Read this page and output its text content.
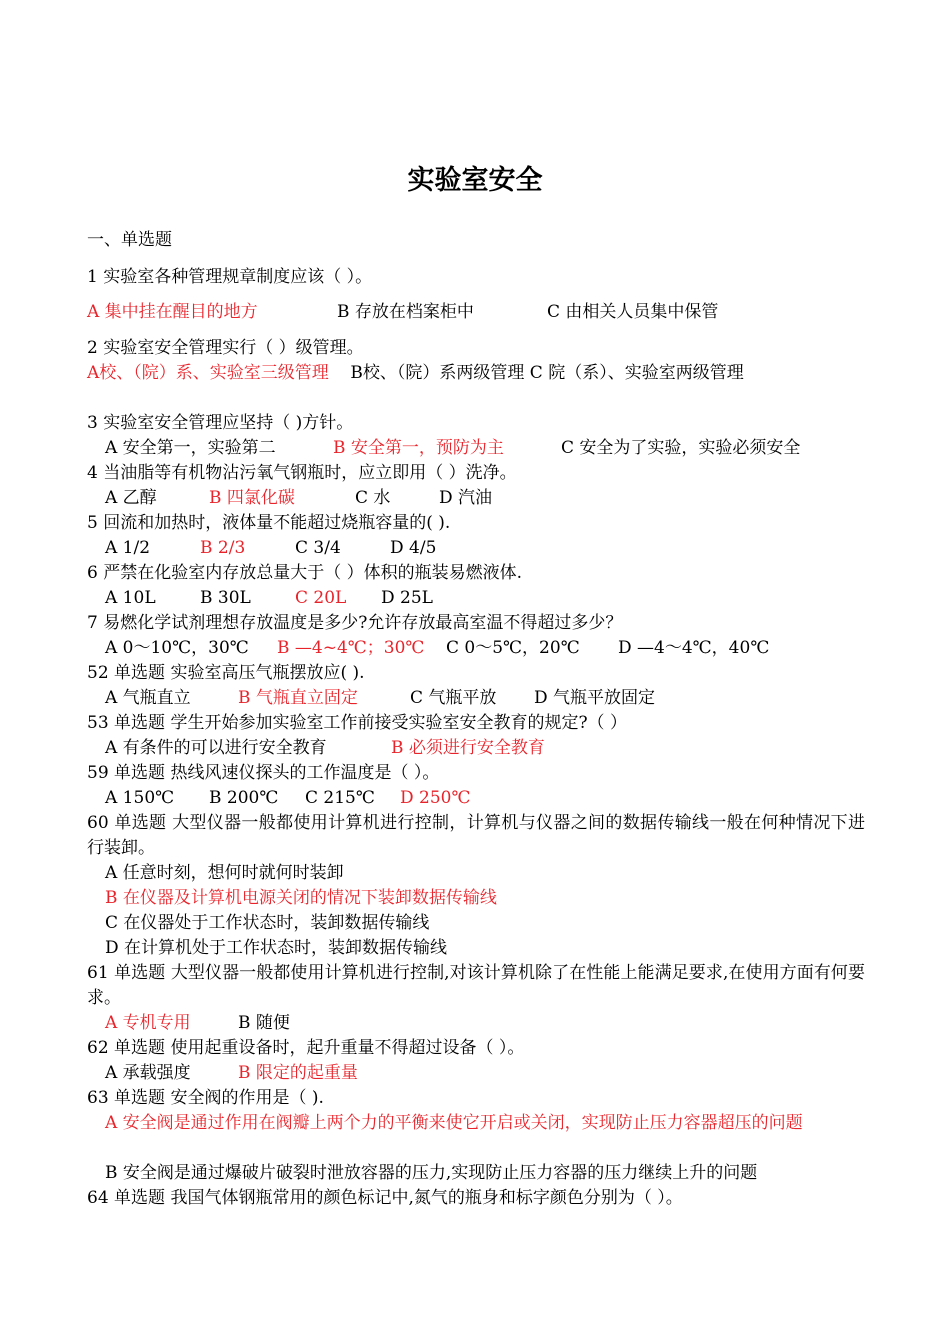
实验室安全
一、单选题
1 实验室各种管理规章制度应该（ ）。
A 集中挂在醒目的地方	B 存放在档案柜中	C 由相关人员集中保管
2 实验室安全管理实行（ ）级管理。
A校、（院）系、实验室三级管理 B校、（院）系两级管理 C 院（系）、实验室两级管理
3 实验室安全管理应坚持（ )方针。
A 安全第一，实验第二	B 安全第一，预防为主	C 安全为了实验，实验必须安全
4 当油脂等有机物沾污氧气钢瓶时，应立即用（ ）洗净。
A 乙醇	B 四氯化碳	C 水	D 汽油
5 回流和加热时，液体量不能超过烧瓶容量的( ).
A 1/2	B 2/3	C 3/4	D 4/5
6 严禁在化验室内存放总量大于（ ）体积的瓶装易燃液体.
A 10L	B 30L	C 20L D 25L
7 易燃化学试剂理想存放温度是多少?允许存放最高室温不得超过多少？
A 0～10℃，30℃ B —4~4℃；30℃ C 0～5℃，20℃ D —4～4℃，40℃
52 单选题 实验室高压气瓶摆放应( ).
A 气瓶直立	B 气瓶直立固定	C 气瓶平放 D 气瓶平放固定
53 单选题 学生开始参加实验室工作前接受实验室安全教育的规定?（ ）
A 有条件的可以进行安全教育	B 必须进行安全教育
59 单选题 热线风速仪探头的工作温度是（ ）。
A 150℃ B 200℃ C 215℃ D 250℃
60 单选题 大型仪器一般都使用计算机进行控制，计算机与仪器之间的数据传输线一般在何种情况下进行装卸。
A 任意时刻，想何时就何时装卸
B 在仪器及计算机电源关闭的情况下装卸数据传输线
C 在仪器处于工作状态时，装卸数据传输线
D 在计算机处于工作状态时，装卸数据传输线
61 单选题 大型仪器一般都使用计算机进行控制,对该计算机除了在性能上能满足要求,在使用方面有何要求。
A 专机专用	B 随便
62 单选题 使用起重设备时，起升重量不得超过设备（ ）。
A 承载强度	B 限定的起重量
63 单选题 安全阀的作用是（ ).
A 安全阀是通过作用在阀瓣上两个力的平衡来使它开启或关闭，实现防止压力容器超压的问题
B 安全阀是通过爆破片破裂时泄放容器的压力,实现防止压力容器的压力继续上升的问题
64 单选题 我国气体钢瓶常用的颜色标记中,氮气的瓶身和标字颜色分别为（ ）。
